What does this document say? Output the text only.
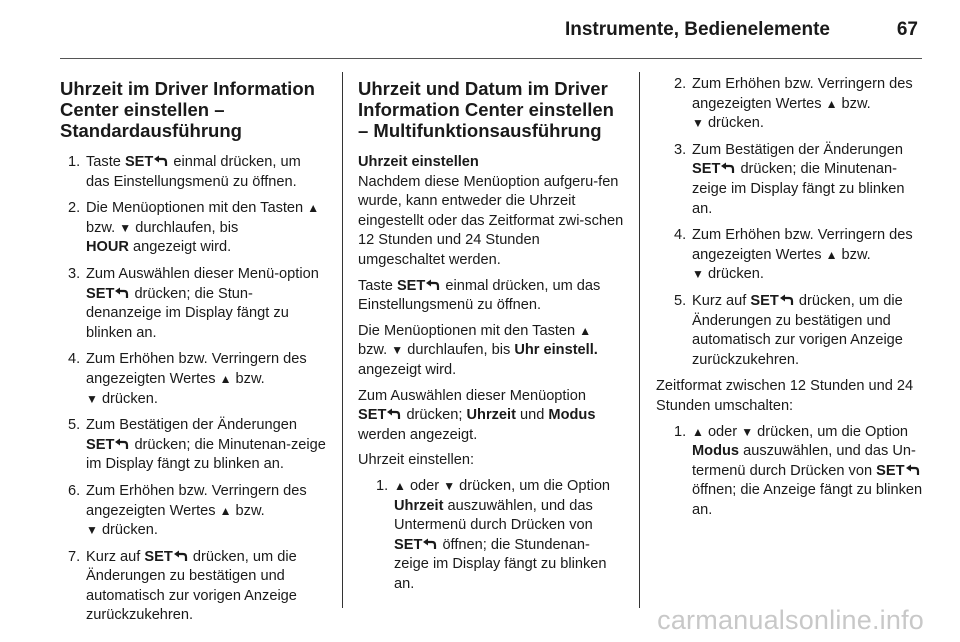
Instrumente, Bedienelemente	67

Uhrzeit im Driver Information Center einstellen – Standardausführung
1. Taste SET
einmal drücken, um das Einstellungsmenü zu öffnen.
2. Die Menüoptionen mit den Tasten ▲ bzw. ▼ durchlaufen, bis
HOUR angezeigt wird.
3. Zum Auswählen dieser Menü-option SET
drücken; die Stun-denanzeige im Display fängt zu blinken an.
4. Zum Erhöhen bzw. Verringern des angezeigten Wertes ▲ bzw.
▼ drücken.
5. Zum Bestätigen der Änderungen SET
drücken; die Minutenan-zeige im Display fängt zu blinken an.
6. Zum Erhöhen bzw. Verringern des angezeigten Wertes ▲ bzw.
▼ drücken.
7. Kurz auf SET
drücken, um die Änderungen zu bestätigen und automatisch zur vorigen Anzeige zurückzukehren.
Uhrzeit und Datum im Driver Information Center einstellen – Multifunktionsausführung

Uhrzeit einstellen

Nachdem diese Menüoption aufgeru-fen wurde, kann entweder die Uhrzeit eingestellt oder das Zeitformat zwi-schen 12 Stunden und 24 Stunden umgeschaltet werden.

Taste SET
einmal drücken, um das Einstellungsmenü zu öffnen.

Die Menüoptionen mit den Tasten ▲
bzw. ▼ durchlaufen, bis Uhr einstell. angezeigt wird.

Zum Auswählen dieser Menüoption
SET
drücken; Uhrzeit und Modus werden angezeigt.

Uhrzeit einstellen:

1. ▲ oder ▼ drücken, um die Option
Uhrzeit auszuwählen, und das Untermenü durch Drücken von SET
öffnen; die Stundenan-zeige im Display fängt zu blinken an.
2. Zum Erhöhen bzw. Verringern des angezeigten Wertes ▲ bzw.
▼ drücken.
3. Zum Bestätigen der Änderungen SET
drücken; die Minutenan-zeige im Display fängt zu blinken an.
4. Zum Erhöhen bzw. Verringern des angezeigten Wertes ▲ bzw.
▼ drücken.
5. Kurz auf SET
drücken, um die Änderungen zu bestätigen und automatisch zur vorigen Anzeige zurückzukehren.

Zeitformat zwischen 12 Stunden und 24 Stunden umschalten:

1. ▲ oder ▼ drücken, um die Option
Modus auszuwählen, und das Un-termenü durch Drücken von SET
öffnen; die Anzeige fängt zu blinken an.
carmanualsonline.info
